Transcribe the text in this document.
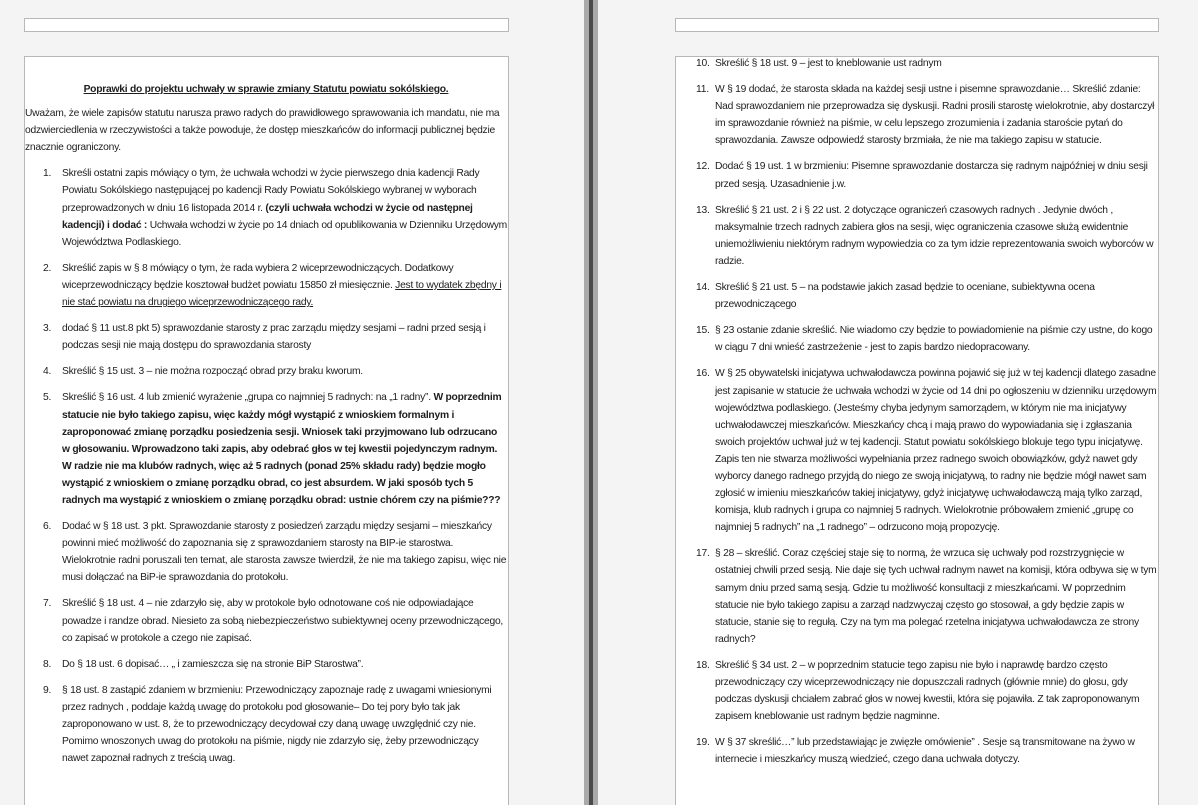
Poprawki do projektu uchwały w sprawie zmiany Statutu powiatu sokólskiego.

Uważam, że wiele zapisów statutu narusza prawo radych do prawidłowego sprawowania ich mandatu, nie ma odzwierciedlenia w rzeczywistości a także powoduje, że dostęp mieszkańców do informacji publicznej będzie znacznie ograniczony.

1. Skreśli ostatni zapis mówiący o tym, że uchwała wchodzi w życie pierwszego dnia kadencji Rady Powiatu Sokólskiego następującej po kadencji Rady Powiatu Sokólskiego wybranej w wyborach przeprowadzonych w dniu 16 listopada 2014 r. (czyli uchwała wchodzi w życie od następnej kadencji) i dodać : Uchwała wchodzi w życie po 14 dniach od opublikowania w Dzienniku Urzędowym Województwa Podlaskiego.
2. Skreślić zapis w § 8 mówiący o tym, że rada wybiera 2 wiceprzewodniczących. Dodatkowy wiceprzewodniczący będzie kosztował budżet powiatu 15850 zł miesięcznie. Jest to wydatek zbędny i nie stać powiatu na drugiego wiceprzewodniczącego rady.
3. dodać § 11 ust.8 pkt 5) sprawozdanie starosty z prac zarządu między sesjami – radni przed sesją i podczas sesji nie mają dostępu do sprawozdania starosty
4. Skreślić § 15 ust. 3 – nie można rozpocząć obrad przy braku kworum.
5. Skreślić § 16 ust. 4 lub zmienić wyrażenie „grupa co najmniej 5 radnych: na „1 radny”. W poprzednim statucie nie było takiego zapisu, więc każdy mógł wystąpić z wnioskiem formalnym i zaproponować zmianę porządku posiedzenia sesji. Wniosek taki przyjmowano lub odrzucano w głosowaniu. Wprowadzono taki zapis, aby odebrać głos w tej kwestii pojedynczym radnym. W radzie nie ma klubów radnych, więc aż 5 radnych (ponad 25% składu rady) będzie mogło wystąpić z wnioskiem o zmianę porządku obrad, co jest absurdem. W jaki sposób tych 5 radnych ma wystąpić z wnioskiem o zmianę porządku obrad: ustnie chórem czy na piśmie???
6. Dodać w § 18 ust. 3 pkt. Sprawozdanie starosty z posiedzeń zarządu między sesjami – mieszkańcy powinni mieć możliwość do zapoznania się z sprawozdaniem starosty na BIP-ie starostwa. Wielokrotnie radni poruszali ten temat, ale starosta zawsze twierdził, że nie ma takiego zapisu, więc nie musi dołączać na BiP-ie sprawozdania do protokołu.
7. Skreślić § 18 ust. 4 – nie zdarzyło się, aby w protokole było odnotowane coś nie odpowiadające powadze i randze obrad. Niesieto za sobą niebezpieczeństwo subiektywnej oceny przewodniczącego, co zapisać w protokole a czego nie zapisać.
8. Do § 18 ust. 6 dopisać… „ i zamieszcza się na stronie BiP Starostwa”.
9. § 18 ust. 8 zastąpić zdaniem w brzmieniu: Przewodniczący zapoznaje radę z uwagami wniesionymi przez radnych , poddaje każdą uwagę do protokołu pod głosowanie– Do tej pory było tak jak zaproponowano w ust. 8, że to przewodniczący decydował czy daną uwagę uwzględnić czy nie. Pomimo wnoszonych uwag do protokołu na piśmie, nigdy nie zdarzyło się, żeby przewodniczący nawet zapoznał radnych z treścią uwag.
10. Skreślić § 18 ust. 9 – jest to kneblowanie ust radnym
11. W § 19 dodać, że starosta składa na każdej sesji ustne i pisemne sprawozdanie… Skreślić zdanie: Nad sprawozdaniem nie przeprowadza się dyskusji. Radni prosili starostę wielokrotnie, aby dostarczył im sprawozdanie również na piśmie, w celu lepszego zrozumienia i zadania staroście pytań do sprawozdania. Zawsze odpowiedź starosty brzmiała, że nie ma takiego zapisu w statucie.
12. Dodać § 19 ust. 1 w brzmieniu: Pisemne sprawozdanie dostarcza się radnym najpóźniej w dniu sesji przed sesją. Uzasadnienie j.w.
13. Skreślić § 21 ust. 2 i § 22 ust. 2 dotyczące ograniczeń czasowych radnych . Jedynie dwóch , maksymalnie trzech radnych zabiera głos na sesji, więc ograniczenia czasowe służą ewidentnie uniemożliwieniu niektórym radnym wypowiedzia co za tym idzie reprezentowania swoich wyborców w radzie.
14. Skreślić § 21 ust. 5 – na podstawie jakich zasad będzie to oceniane, subiektywna ocena przewodniczącego
15. § 23 ostanie zdanie skreślić. Nie wiadomo czy będzie to powiadomienie na piśmie czy ustne, do kogo w ciągu 7 dni wnieść zastrzeżenie - jest to zapis bardzo niedopracowany.
16. W § 25 obywatelski inicjatywa uchwałodawcza powinna pojawić się już w tej kadencji dlatego zasadne jest zapisanie w statucie że uchwała wchodzi w życie od 14 dni po ogłoszeniu w dzienniku urzędowym województwa podlaskiego. (Jesteśmy chyba jedynym samorządem, w którym nie ma inicjatywy uchwałodawczej mieszkańców. Mieszkańcy chcą i mają prawo do wypowiadania się i zgłaszania swoich projektów uchwał już w tej kadencji. Statut powiatu sokólskiego blokuje tego typu inicjatywę. Zapis ten nie stwarza możliwości wypełniania przez radnego swoich obowiązków, gdyż nawet gdy wyborcy danego radnego przyjdą do niego ze swoją inicjatywą, to radny nie będzie mógł nawet sam zgłosić w imieniu mieszkańców takiej inicjatywy, gdyż inicjatywę uchwałodawczą mają tylko zarząd, komisja, klub radnych i grupa co najmniej 5 radnych. Wielokrotnie próbowałem zmienić „grupę co najmniej 5 radnych” na „1 radnego” – odrzucono moją propozycję.
17. § 28 – skreślić. Coraz częściej staje się to normą, że wrzuca się uchwały pod rozstrzygnięcie w ostatniej chwili przed sesją. Nie daje się tych uchwał radnym nawet na komisji, która odbywa się w tym samym dniu przed samą sesją. Gdzie tu możliwość konsultacji z mieszkańcami. W poprzednim statucie nie było takiego zapisu a zarząd nadzwyczaj często go stosował, a gdy będzie zapis w statucie, stanie się to regułą. Czy na tym ma polegać rzetelna inicjatywa uchwałodawcza ze strony radnych?
18. Skreślić § 34 ust. 2 – w poprzednim statucie tego zapisu nie było i naprawdę bardzo często przewodniczący czy wiceprzewodniczący nie dopuszczali radnych (głównie mnie) do głosu, gdy podczas dyskusji chciałem zabrać głos w nowej kwestii, która się pojawiła. Z tak zaproponowanym zapisem kneblowanie ust radnym będzie nagminne.
19. W § 37 skreślić…” lub przedstawiając je zwięzłe omówienie” . Sesje są transmitowane na żywo w internecie i mieszkańcy muszą wiedzieć, czego dana uchwała dotyczy.
